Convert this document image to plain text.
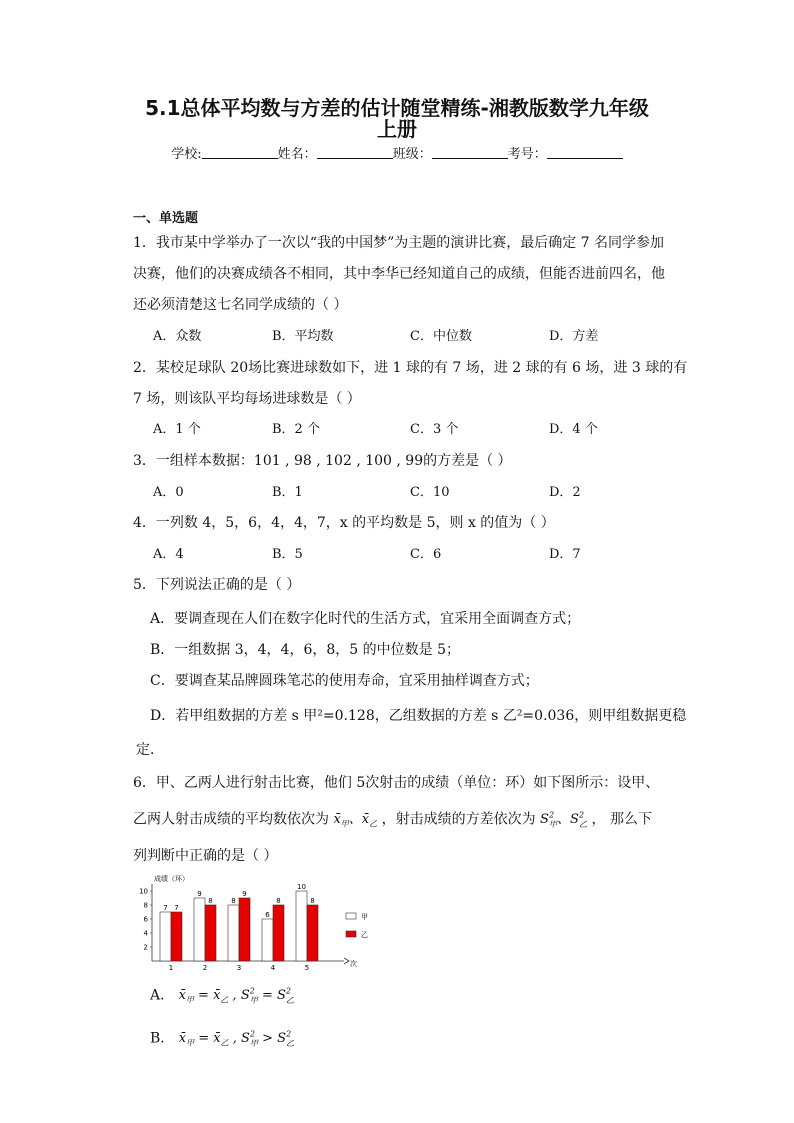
5.1总体平均数与方差的估计随堂精练-湘教版数学九年级
上册
学校:	姓名：	班级：	考号：
一、单选题
1．我市某中学举办了一次以“我的中国梦”为主题的演讲比赛，最后确定 7 名同学参加
决赛，他们的决赛成绩各不相同，其中李华已经知道自己的成绩，但能否进前四名，他
还必须清楚这七名同学成绩的（ ）
A．众数	B．平均数	C．中位数	D．方差
2．某校足球队 20场比赛进球数如下，进 1 球的有 7 场，进 2 球的有 6 场，进 3 球的有
7 场，则该队平均每场进球数是（ ）
A．1 个	B．2 个	C．3 个	D．4 个
3．一组样本数据：101 , 98 , 102 , 100 , 99的方差是（ ）
A．0	B．1	C．10	D．2
4．一列数 4，5，6，4，4，7，x 的平均数是 5，则 x 的值为（ ）
A．4	B．5	C．6	D．7
5．下列说法正确的是（ ）
A．要调查现在人们在数字化时代的生活方式，宜采用全面调查方式；
B．一组数据 3，4，4，6，8，5 的中位数是 5；
C．要调查某品牌圆珠笔芯的使用寿命，宜采用抽样调查方式；
D．若甲组数据的方差 s 甲²=0.128，乙组数据的方差 s 乙²=0.036，则甲组数据更稳
定．
6．甲、乙两人进行射击比赛，他们 5次射击的成绩（单位：环）如下图所示：设甲、
乙两人射击成绩的平均数依次为 $x̄_甲$、$x̄_乙$ ，射击成绩的方差依次为 $S^2_甲$、$S^2_乙$ ， 那么下
列判断中正确的是（ ）
成绩（环）
次
2
4
6
8
10
7 7
1
9
8
2
8
9
3
6
8
4
10
8
5
甲
乙
A． $x̄_甲$ = $x̄_乙$ , $S^2_甲 = S^2_乙$
B． $x̄_甲$ = $x̄_乙$ , $S^2_甲 > S^2_乙$
